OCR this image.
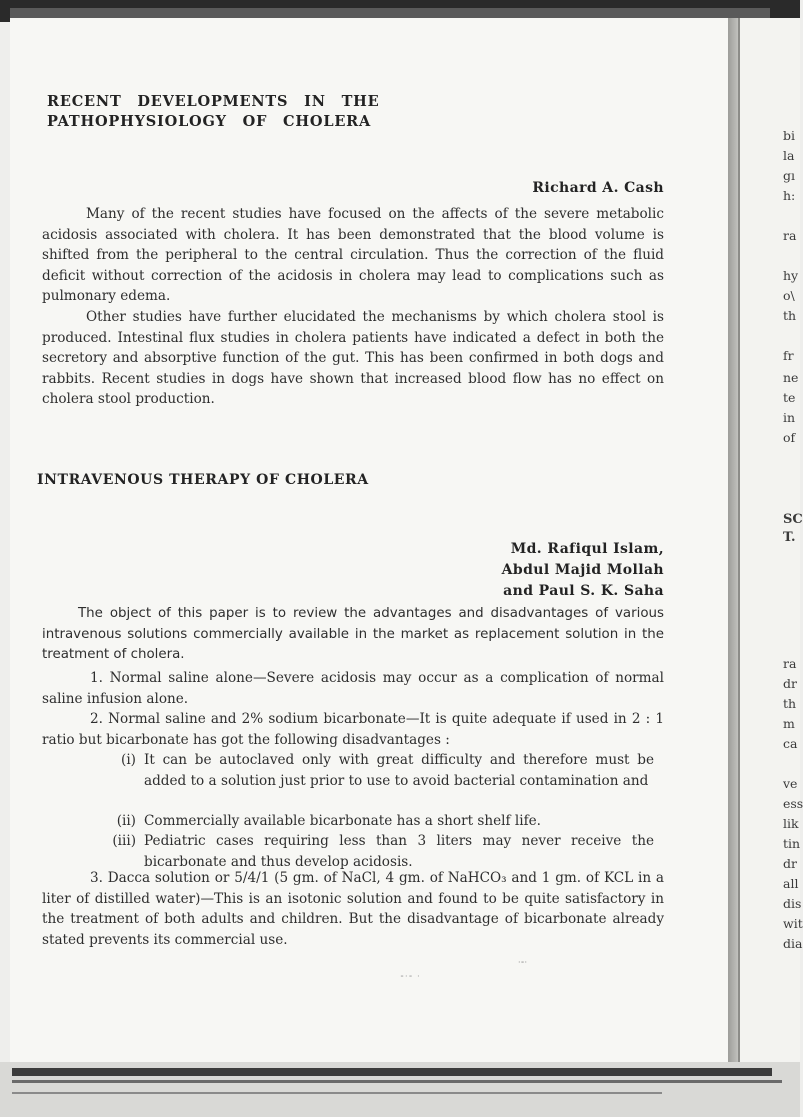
RECENT DEVELOPMENTS IN THE
PATHOPHYSIOLOGY OF CHOLERA
Richard A. Cash

Many of the recent studies have focused on the affects of the severe metabolic acidosis associated with cholera. It has been demonstrated that the blood volume is shifted from the peripheral to the central circulation. Thus the correction of the fluid deficit without correction of the acidosis in cholera may lead to complications such as pulmonary edema.

Other studies have further elucidated the mechanisms by which cholera stool is produced. Intestinal flux studies in cholera patients have indicated a defect in both the secretory and absorptive function of the gut. This has been confirmed in both dogs and rabbits. Recent studies in dogs have shown that increased blood flow has no effect on cholera stool production.

INTRAVENOUS THERAPY OF CHOLERA
Md. Rafiqul Islam,
Abdul Majid Mollah
and Paul S. K. Saha

The object of this paper is to review the advantages and disadvantages of various intravenous solutions commercially available in the market as replacement solution in the treatment of cholera.

1. Normal saline alone—Severe acidosis may occur as a complication of normal saline infusion alone.

2. Normal saline and 2% sodium bicarbonate—It is quite adequate if used in 2 : 1 ratio but bicarbonate has got the following disadvantages :

(i) It can be autoclaved only with great difficulty and therefore must be added to a solution just prior to use to avoid bacterial contamination and
(ii) Commercially available bicarbonate has a short shelf life.
(iii) Pediatric cases requiring less than 3 liters may never receive the bicarbonate and thus develop acidosis.

3. Dacca solution or 5/4/1 (5 gm. of NaCl, 4 gm. of NaHCO₃ and 1 gm. of KCL in a liter of distilled water)—This is an isotonic solution and found to be quite satisfactory in the treatment of both adults and children. But the disadvantage of bicarbonate already stated prevents its commercial use.

⁃·⁃ ·
·⁃·
bi
la
gı
h:
ra
hy
o\
th
fr
ne
te
in
of
SC
T.
ra
dr
th
m
ca
ve
ess
lik
tin
dr
all
dis
wit
dia
